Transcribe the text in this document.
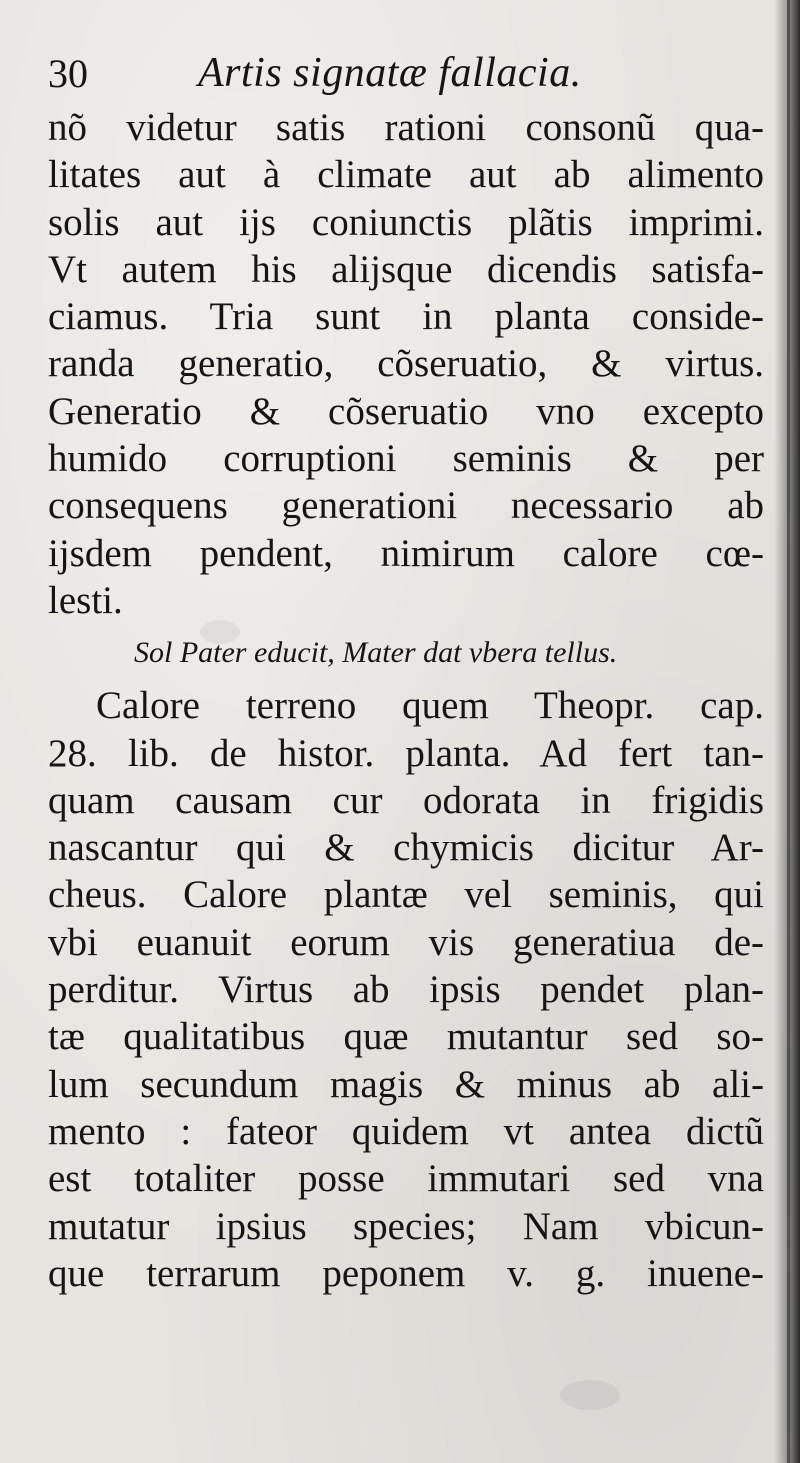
30	Artis signatæ fallacia.
nõ videtur satis rationi consonũ qua-
litates aut à climate aut ab alimento
solis aut ijs coniunctis plãtis imprimi.
Vt autem his alijsque dicendis satisfa-
ciamus. Tria sunt in planta conside-
randa generatio, cõseruatio, & virtus.
Generatio & cõseruatio vno excepto
humido corruptioni seminis & per
consequens generationi necessario ab
ijsdem pendent, nimirum calore cœ-
lesti.
Sol Pater educit, Mater dat vbera tellus.
Calore terreno quem Theopr. cap.
28. lib. de histor. planta. Ad fert tan-
quam causam cur odorata in frigidis
nascantur qui & chymicis dicitur Ar-
cheus. Calore plantæ vel seminis, qui
vbi euanuit eorum vis generatiua de-
perditur. Virtus ab ipsis pendet plan-
tæ qualitatibus quæ mutantur sed so-
lum secundum magis & minus ab ali-
mento : fateor quidem vt antea dictũ
est totaliter posse immutari sed vna
mutatur ipsius species; Nam vbicun-
que terrarum peponem v. g. inuene-
